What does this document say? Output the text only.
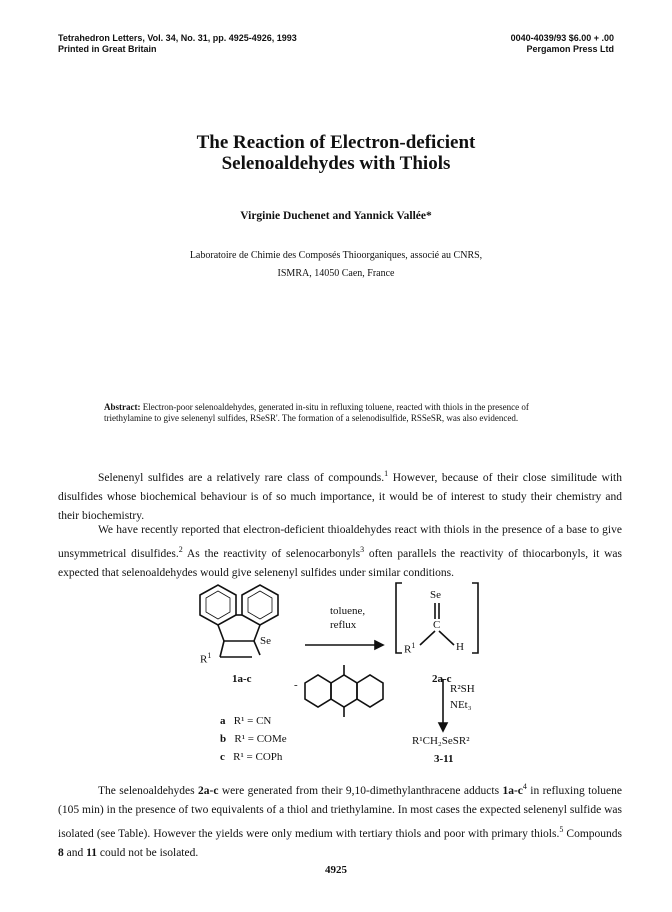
Tetrahedron Letters, Vol. 34, No. 31, pp. 4925-4926, 1993
Printed in Great Britain
0040-4039/93 $6.00 + .00
Pergamon Press Ltd
The Reaction of Electron-deficient
Selenoaldehydes with Thiols
Virginie Duchenet and Yannick Vallée*
Laboratoire de Chimie des Composés Thioorganiques, associé au CNRS,
ISMRA, 14050 Caen, France
Abstract: Electron-poor selenoaldehydes, generated in-situ in refluxing toluene, reacted with thiols in the presence of triethylamine to give selenenyl sulfides, RSeSR'. The formation of a selenodisulfide, RSSeSR, was also evidenced.
Selenenyl sulfides are a relatively rare class of compounds.$^1$ However, because of their close similitude with disulfides whose biochemical behaviour is of so much importance, it would be of interest to study their chemistry and their biochemistry.
We have recently reported that electron-deficient thioaldehydes react with thiols in the presence of a base to give unsymmetrical disulfides.$^2$ As the reactivity of selenocarbonyls$^3$ often parallels the reactivity of thiocarbonyls, it was expected that selenoaldehydes would give selenenyl sulfides under similar conditions.
Se
$R^1$
toluene,
reflux
Se
C
$R^1$	H
1a-c	-	2a-c
R²SH
NEt₃
a R¹ = CN
b R¹ = COMe
c R¹ = COPh
R¹CH₂SeSR²
3-11
The selenoaldehydes 2a-c were generated from their 9,10-dimethylanthracene adducts $1a-c^4$ in refluxing toluene (105 min) in the presence of two equivalents of a thiol and triethylamine. In most cases the expected selenenyl sulfide was isolated (see Table). However the yields were only medium with tertiary thiols and poor with primary thiols.$^5$ Compounds 8 and 11 could not be isolated.
4925
